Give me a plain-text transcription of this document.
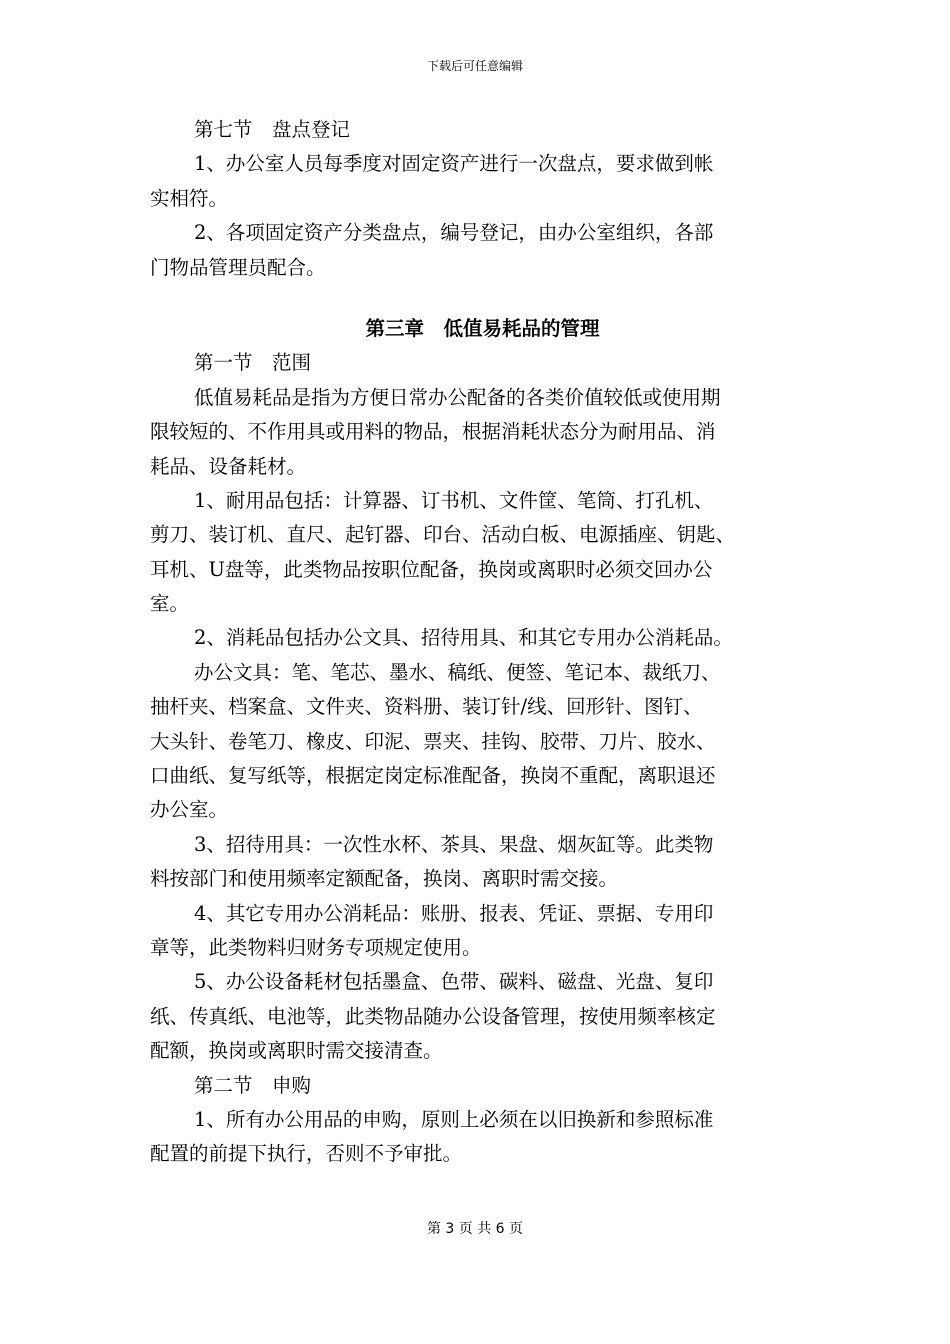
下载后可任意编辑
第七节　盘点登记
1、办公室人员每季度对固定资产进行一次盘点，要求做到帐
实相符。
2、各项固定资产分类盘点，编号登记，由办公室组织，各部
门物品管理员配合。
第三章　低值易耗品的管理
第一节　范围
低值易耗品是指为方便日常办公配备的各类价值较低或使用期
限较短的、不作用具或用料的物品，根据消耗状态分为耐用品、消
耗品、设备耗材。
1、耐用品包括：计算器、订书机、文件筐、笔筒、打孔机、
剪刀、装订机、直尺、起钉器、印台、活动白板、电源插座、钥匙、
耳机、U盘等，此类物品按职位配备，换岗或离职时必须交回办公
室。
2、消耗品包括办公文具、招待用具、和其它专用办公消耗品。
办公文具：笔、笔芯、墨水、稿纸、便签、笔记本、裁纸刀、
抽杆夹、档案盒、文件夹、资料册、装订针/线、回形针、图钉、
大头针、卷笔刀、橡皮、印泥、票夹、挂钩、胶带、刀片、胶水、
口曲纸、复写纸等，根据定岗定标准配备，换岗不重配，离职退还
办公室。
3、招待用具：一次性水杯、茶具、果盘、烟灰缸等。此类物
料按部门和使用频率定额配备，换岗、离职时需交接。
4、其它专用办公消耗品：账册、报表、凭证、票据、专用印
章等，此类物料归财务专项规定使用。
5、办公设备耗材包括墨盒、色带、碳料、磁盘、光盘、复印
纸、传真纸、电池等，此类物品随办公设备管理，按使用频率核定
配额，换岗或离职时需交接清查。
第二节　申购
1、所有办公用品的申购，原则上必须在以旧换新和参照标准
配置的前提下执行，否则不予审批。
第 3 页 共 6 页
